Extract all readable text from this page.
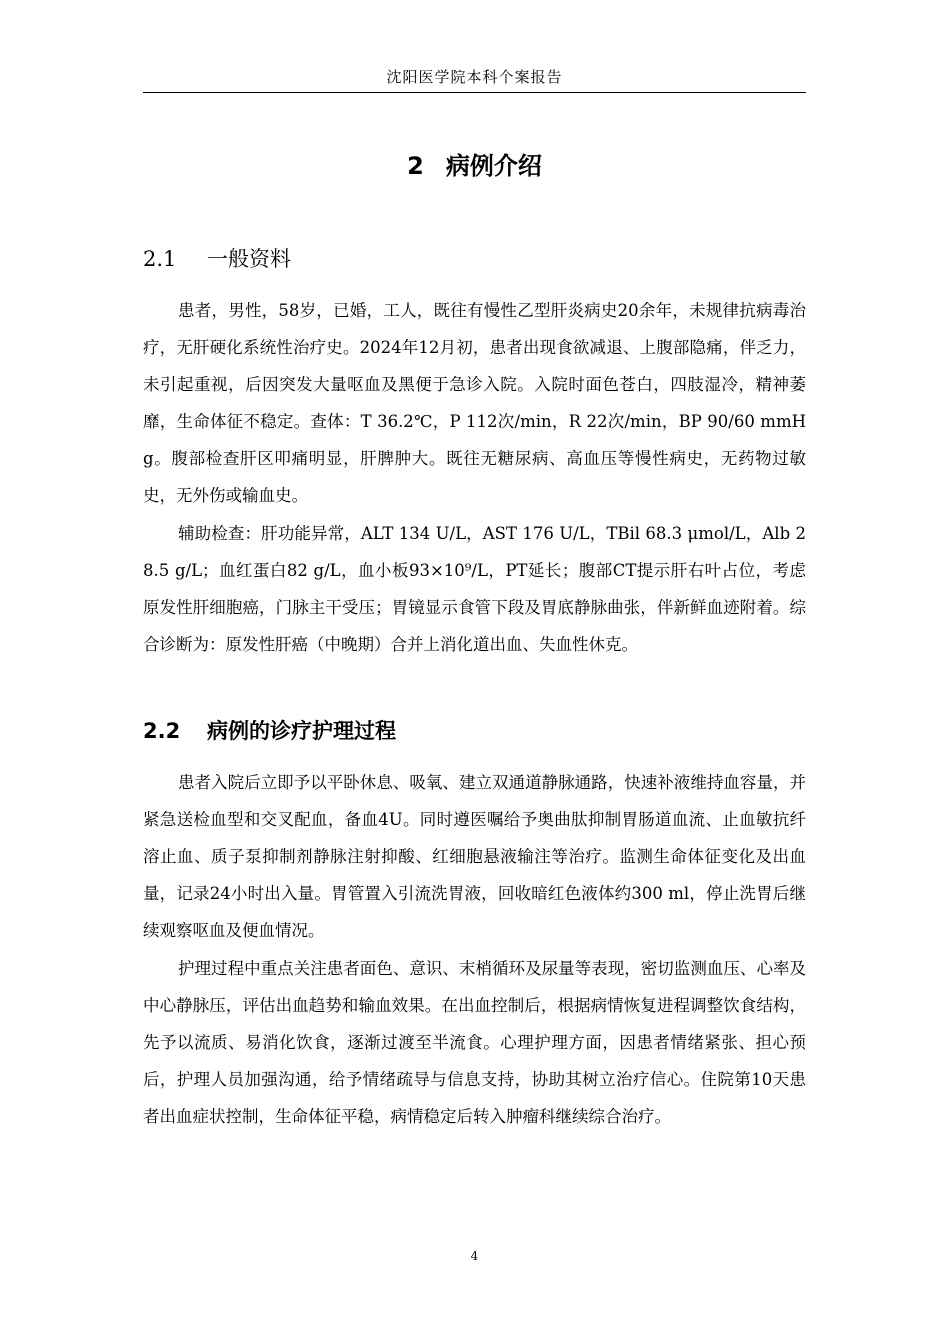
沈阳医学院本科个案报告
2 病例介绍
2.1 一般资料

患者，男性，58岁，已婚，工人，既往有慢性乙型肝炎病史20余年，未规律抗病毒治疗，无肝硬化系统性治疗史。2024年12月初，患者出现食欲减退、上腹部隐痛，伴乏力，未引起重视，后因突发大量呕血及黑便于急诊入院。入院时面色苍白，四肢湿冷，精神萎靡，生命体征不稳定。查体：T 36.2℃，P 112次/min，R 22次/min，BP 90/60 mmHg。腹部检查肝区叩痛明显，肝脾肿大。既往无糖尿病、高血压等慢性病史，无药物过敏史，无外伤或输血史。

辅助检查：肝功能异常，ALT 134 U/L，AST 176 U/L，TBil 68.3 μmol/L，Alb 28.5 g/L；血红蛋白82 g/L，血小板93×10⁹/L，PT延长；腹部CT提示肝右叶占位，考虑原发性肝细胞癌，门脉主干受压；胃镜显示食管下段及胃底静脉曲张，伴新鲜血迹附着。综合诊断为：原发性肝癌（中晚期）合并上消化道出血、失血性休克。

2.2 病例的诊疗护理过程

患者入院后立即予以平卧休息、吸氧、建立双通道静脉通路，快速补液维持血容量，并紧急送检血型和交叉配血，备血4U。同时遵医嘱给予奥曲肽抑制胃肠道血流、止血敏抗纤溶止血、质子泵抑制剂静脉注射抑酸、红细胞悬液输注等治疗。监测生命体征变化及出血量，记录24小时出入量。胃管置入引流洗胃液，回收暗红色液体约300 ml，停止洗胃后继续观察呕血及便血情况。

护理过程中重点关注患者面色、意识、末梢循环及尿量等表现，密切监测血压、心率及中心静脉压，评估出血趋势和输血效果。在出血控制后，根据病情恢复进程调整饮食结构，先予以流质、易消化饮食，逐渐过渡至半流食。心理护理方面，因患者情绪紧张、担心预后，护理人员加强沟通，给予情绪疏导与信息支持，协助其树立治疗信心。住院第10天患者出血症状控制，生命体征平稳，病情稳定后转入肿瘤科继续综合治疗。

4
